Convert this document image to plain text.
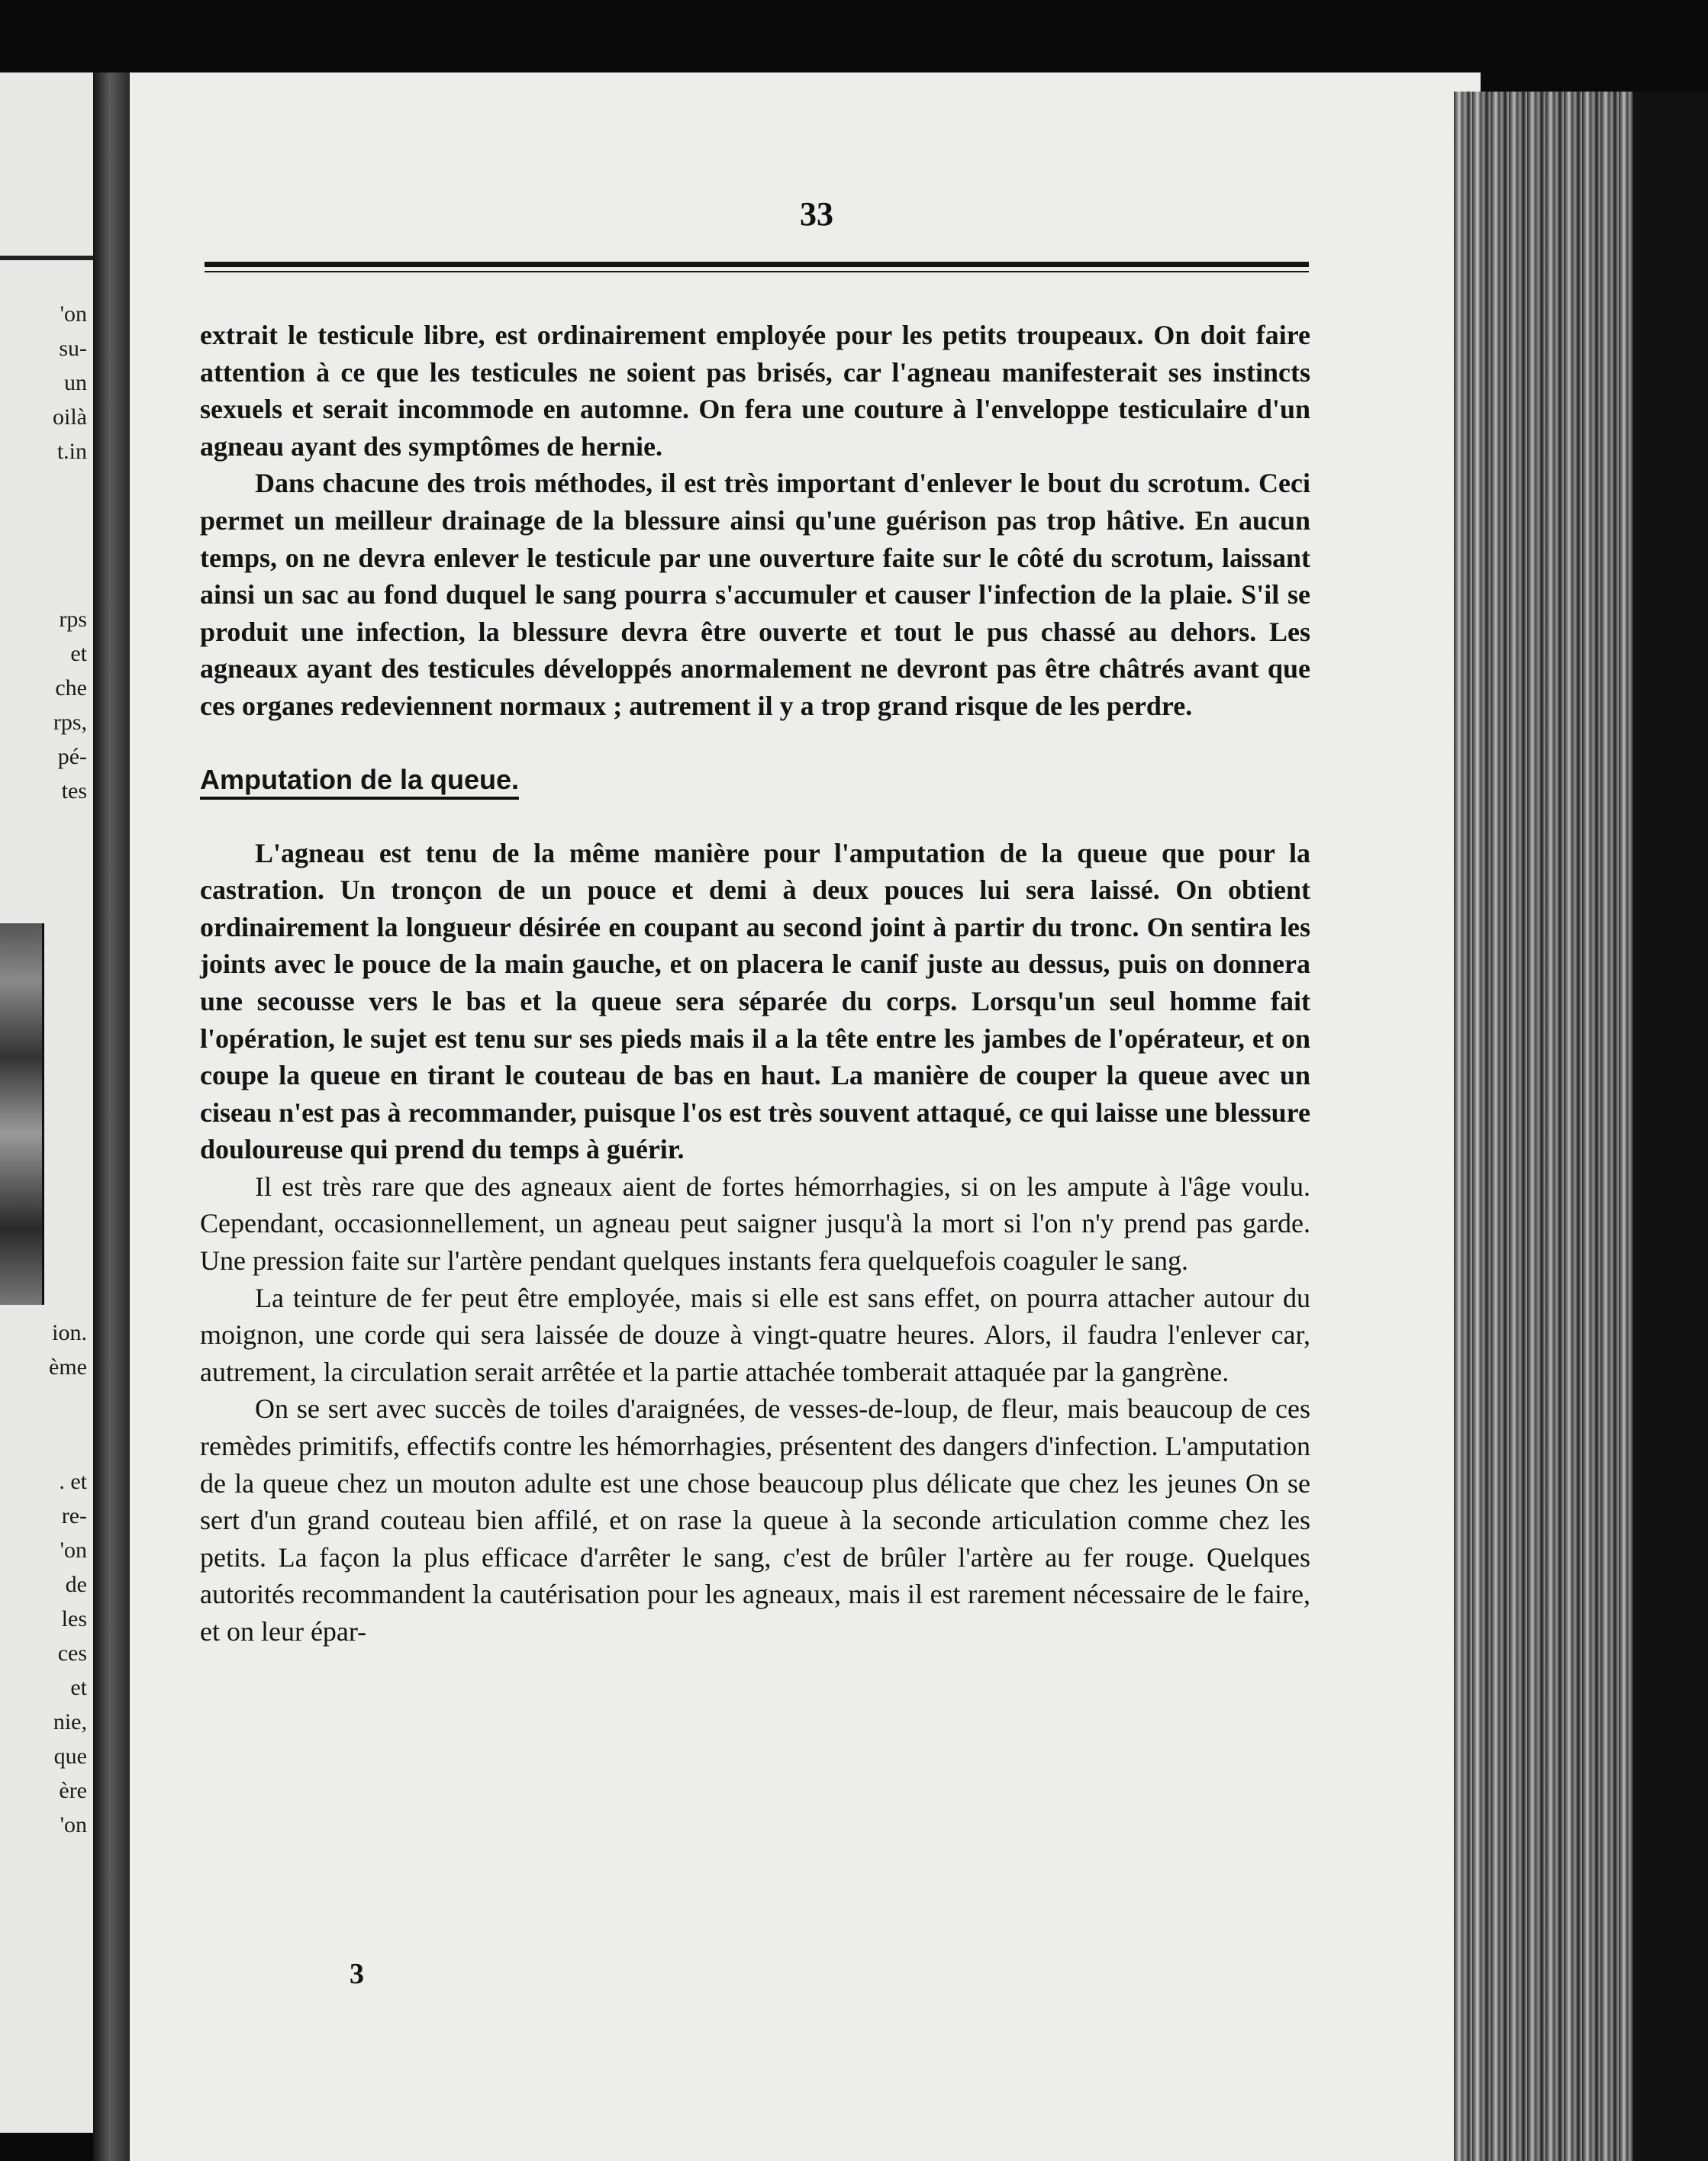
'on

su-

un

oilà

t.in

rps

et

che

rps,

pé-

tes

ion.

ème

. et

re-

'on

de

les

ces

et

nie,

que

ère

'on

33

extrait le testicule libre, est ordinairement employée pour les petits troupeaux. On doit faire attention à ce que les testicules ne soient pas brisés, car l'agneau manifesterait ses instincts sexuels et serait incommode en automne. On fera une couture à l'enveloppe testiculaire d'un agneau ayant des symptômes de hernie.

Dans chacune des trois méthodes, il est très important d'enlever le bout du scrotum. Ceci permet un meilleur drainage de la blessure ainsi qu'une guérison pas trop hâtive. En aucun temps, on ne devra enlever le testicule par une ouverture faite sur le côté du scrotum, laissant ainsi un sac au fond duquel le sang pourra s'accumuler et causer l'infection de la plaie. S'il se produit une infection, la blessure devra être ouverte et tout le pus chassé au dehors. Les agneaux ayant des testicules développés anormalement ne devront pas être châtrés avant que ces organes redeviennent normaux ; autrement il y a trop grand risque de les perdre.

Amputation de la queue.

L'agneau est tenu de la même manière pour l'amputation de la queue que pour la castration. Un tronçon de un pouce et demi à deux pouces lui sera laissé. On obtient ordinairement la longueur désirée en coupant au second joint à partir du tronc. On sentira les joints avec le pouce de la main gauche, et on placera le canif juste au dessus, puis on donnera une secousse vers le bas et la queue sera séparée du corps. Lorsqu'un seul homme fait l'opération, le sujet est tenu sur ses pieds mais il a la tête entre les jambes de l'opérateur, et on coupe la queue en tirant le couteau de bas en haut. La manière de couper la queue avec un ciseau n'est pas à recommander, puisque l'os est très souvent attaqué, ce qui laisse une blessure douloureuse qui prend du temps à guérir.

Il est très rare que des agneaux aient de fortes hémorrhagies, si on les ampute à l'âge voulu. Cependant, occasionnellement, un agneau peut saigner jusqu'à la mort si l'on n'y prend pas garde. Une pression faite sur l'artère pendant quelques instants fera quelquefois coaguler le sang.

La teinture de fer peut être employée, mais si elle est sans effet, on pourra attacher autour du moignon, une corde qui sera laissée de douze à vingt-quatre heures. Alors, il faudra l'enlever car, autrement, la circulation serait arrêtée et la partie attachée tomberait attaquée par la gangrène.

On se sert avec succès de toiles d'araignées, de vesses-de-loup, de fleur, mais beaucoup de ces remèdes primitifs, effectifs contre les hémorrhagies, présentent des dangers d'infection. L'amputation de la queue chez un mouton adulte est une chose beaucoup plus délicate que chez les jeunes On se sert d'un grand couteau bien affilé, et on rase la queue à la seconde articulation comme chez les petits. La façon la plus efficace d'arrêter le sang, c'est de brûler l'artère au fer rouge. Quelques autorités recommandent la cautérisation pour les agneaux, mais il est rarement nécessaire de le faire, et on leur épar-

3
